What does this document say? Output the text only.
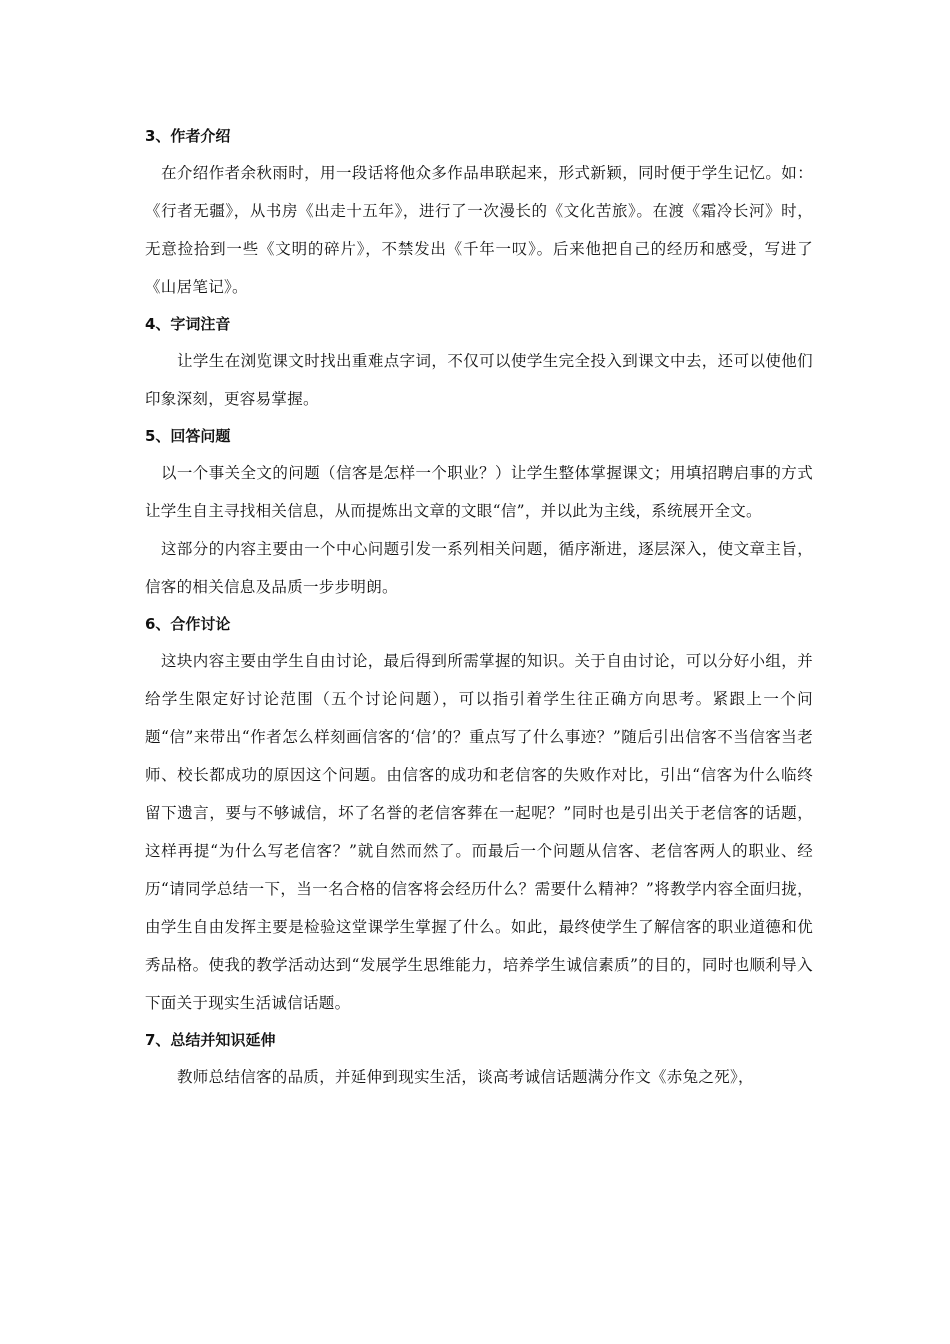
3、作者介绍

在介绍作者余秋雨时，用一段话将他众多作品串联起来，形式新颖，同时便于学生记忆。如：《行者无疆》，从书房《出走十五年》，进行了一次漫长的《文化苦旅》。在渡《霜冷长河》时，无意捡拾到一些《文明的碎片》，不禁发出《千年一叹》。后来他把自己的经历和感受，写进了《山居笔记》。

4、字词注音

让学生在浏览课文时找出重难点字词，不仅可以使学生完全投入到课文中去，还可以使他们印象深刻，更容易掌握。

5、回答问题

以一个事关全文的问题（信客是怎样一个职业？）让学生整体掌握课文；用填招聘启事的方式让学生自主寻找相关信息，从而提炼出文章的文眼“信”，并以此为主线，系统展开全文。

这部分的内容主要由一个中心问题引发一系列相关问题，循序渐进，逐层深入，使文章主旨，信客的相关信息及品质一步步明朗。

6、合作讨论

这块内容主要由学生自由讨论，最后得到所需掌握的知识。关于自由讨论，可以分好小组，并给学生限定好讨论范围（五个讨论问题），可以指引着学生往正确方向思考。紧跟上一个问题“信”来带出“作者怎么样刻画信客的‘信’的？重点写了什么事迹？”随后引出信客不当信客当老师、校长都成功的原因这个问题。由信客的成功和老信客的失败作对比，引出“信客为什么临终留下遗言，要与不够诚信，坏了名誉的老信客葬在一起呢？”同时也是引出关于老信客的话题，这样再提“为什么写老信客？”就自然而然了。而最后一个问题从信客、老信客两人的职业、经历“请同学总结一下，当一名合格的信客将会经历什么？需要什么精神？”将教学内容全面归拢，由学生自由发挥主要是检验这堂课学生掌握了什么。如此，最终使学生了解信客的职业道德和优秀品格。使我的教学活动达到“发展学生思维能力，培养学生诚信素质”的目的，同时也顺利导入下面关于现实生活诚信话题。

7、总结并知识延伸

教师总结信客的品质，并延伸到现实生活，谈高考诚信话题满分作文《赤兔之死》，
